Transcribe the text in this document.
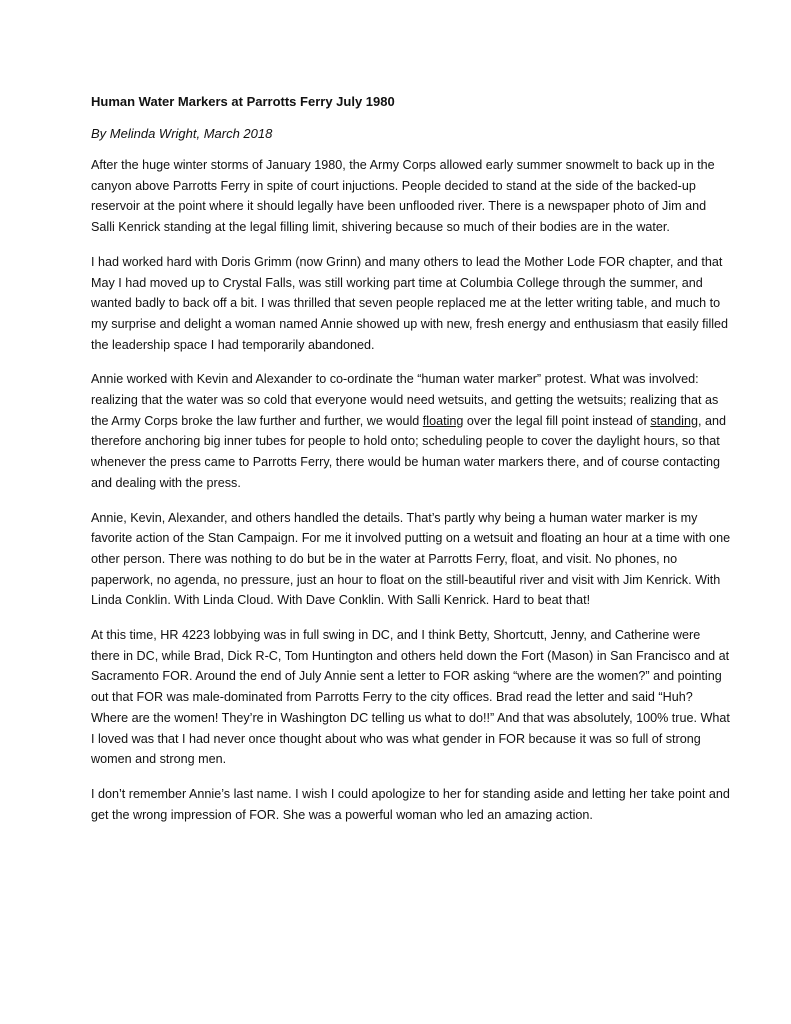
Human Water Markers at Parrotts Ferry July 1980
By Melinda Wright, March 2018

After the huge winter storms of January 1980, the Army Corps allowed early summer snowmelt to back up in the canyon above Parrotts Ferry in spite of court injuctions. People decided to stand at the side of the backed-up reservoir at the point where it should legally have been unflooded river. There is a newspaper photo of Jim and Salli Kenrick standing at the legal filling limit, shivering because so much of their bodies are in the water.

I had worked hard with Doris Grimm (now Grinn) and many others to lead the Mother Lode FOR chapter, and that May I had moved up to Crystal Falls, was still working part time at Columbia College through the summer, and wanted badly to back off a bit. I was thrilled that seven people replaced me at the letter writing table, and much to my surprise and delight a woman named Annie showed up with new, fresh energy and enthusiasm that easily filled the leadership space I had temporarily abandoned.

Annie worked with Kevin and Alexander to co-ordinate the “human water marker” protest. What was involved: realizing that the water was so cold that everyone would need wetsuits, and getting the wetsuits; realizing that as the Army Corps broke the law further and further, we would floating over the legal fill point instead of standing, and therefore anchoring big inner tubes for people to hold onto; scheduling people to cover the daylight hours, so that whenever the press came to Parrotts Ferry, there would be human water markers there, and of course contacting and dealing with the press.

Annie, Kevin, Alexander, and others handled the details. That’s partly why being a human water marker is my favorite action of the Stan Campaign. For me it involved putting on a wetsuit and floating an hour at a time with one other person. There was nothing to do but be in the water at Parrotts Ferry, float, and visit. No phones, no paperwork, no agenda, no pressure, just an hour to float on the still-beautiful river and visit with Jim Kenrick. With Linda Conklin. With Linda Cloud. With Dave Conklin. With Salli Kenrick. Hard to beat that!

At this time, HR 4223 lobbying was in full swing in DC, and I think Betty, Shortcutt, Jenny, and Catherine were there in DC, while Brad, Dick R-C, Tom Huntington and others held down the Fort (Mason) in San Francisco and at Sacramento FOR. Around the end of July Annie sent a letter to FOR asking “where are the women?” and pointing out that FOR was male-dominated from Parrotts Ferry to the city offices. Brad read the letter and said “Huh? Where are the women! They’re in Washington DC telling us what to do!!” And that was absolutely, 100% true. What I loved was that I had never once thought about who was what gender in FOR because it was so full of strong women and strong men.

I don’t remember Annie’s last name. I wish I could apologize to her for standing aside and letting her take point and get the wrong impression of FOR. She was a powerful woman who led an amazing action.
